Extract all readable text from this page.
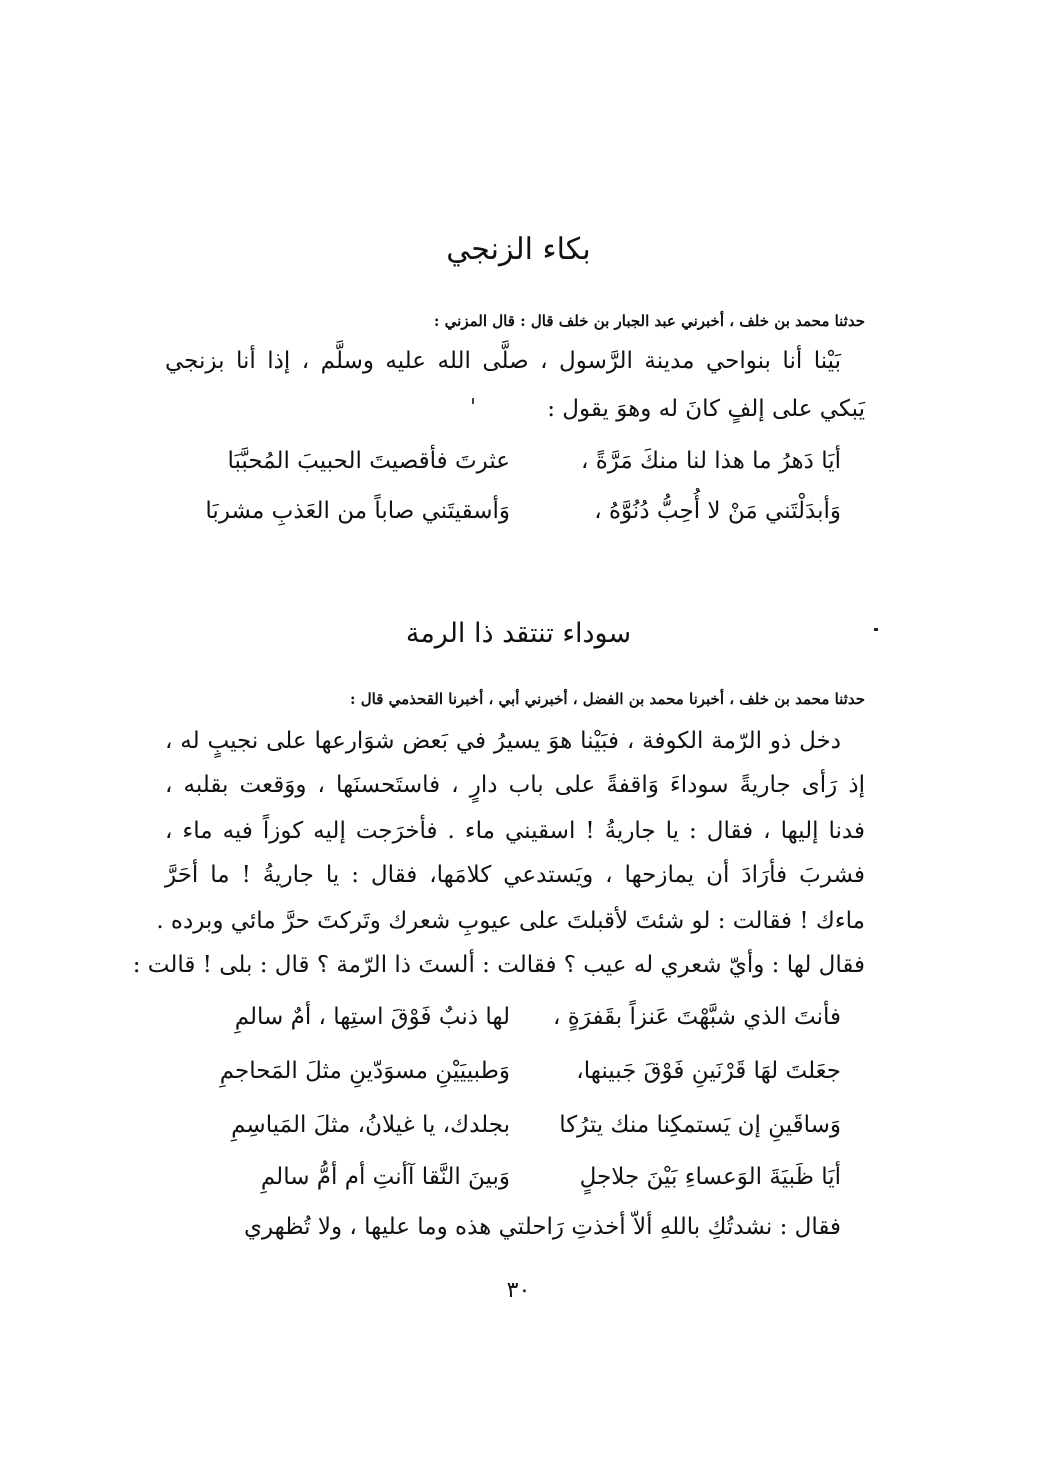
بكاء الزنجي
حدثنا محمد بن خلف ، أخبرني عبد الجبار بن خلف قال : قال المزني :
بَيْنا أنا بنواحي مدينة الرَّسول ، صلَّى الله عليه وسلَّم ، إذا أنا بزنجي
يَبكي على إلفٍ كانَ له وهوَ يقول :
أيَا دَهرُ ما هذا لنا منكَ مَرَّةً ،
عثرتَ فأقصيتَ الحبيبَ المُحبَّبَا
وَأبدَلْتَني مَنْ لا أُحِبُّ دُنُوَّهُ ،
وَأسقيتَني صاباً من العَذبِ مشربَا
سوداء تنتقد ذا الرمة
حدثنا محمد بن خلف ، أخبرنا محمد بن الفضل ، أخبرني أبي ، أخبرنا القحذمي قال :
دخل ذو الرّمة الكوفة ، فبَيْنا هوَ يسيرُ في بَعض شوَارعها على نجيبٍ له ،
إذ رَأى جاريةً سوداءَ وَاقفةً على باب دارٍ ، فاستَحسنَها ، ووَقعت بقلبه ،
فدنا إليها ، فقال : يا جاريةُ ! اسقيني ماء . فأخرَجت إليه كوزاً فيه ماء ،
فشربَ فأرَادَ أن يمازحها ، ويَستدعي كلامَها، فقال : يا جاريةُ ! ما أحَرَّ
ماءك ! فقالت : لو شئتَ لأقبلتَ على عيوبِ شعرك وتَركتَ حرَّ مائي وبرده .
فقال لها : وأيّ شعري له عيب ؟ فقالت : ألستَ ذا الرّمة ؟ قال : بلى ! قالت :
فأنتَ الذي شبَّهْتَ عَنزاً بقَفرَةٍ ،
لها ذنبٌ فَوْقَ استِها ، أمٌ سالمِ
جعَلتَ لهَا قَرْنَينِ فَوْقَ جَبينها،
وَطبييَيْنِ مسوَدّينِ مثلَ المَحاجمِ
وَساقَينِ إن يَستمكِنا منك يترُكا
بجلدك، يا غيلانُ، مثلَ المَياسِمِ
أيَا ظَبيَةَ الوَعساءِ بَيْنَ جلاجلٍ
وَبينَ النَّقا آأنتِ أم أمُّ سالمِ
فقال : نشدتُكِ باللهِ ألاّ أخذتِ رَاحلتي هذه وما عليها ، ولا تُظهري
٣٠
